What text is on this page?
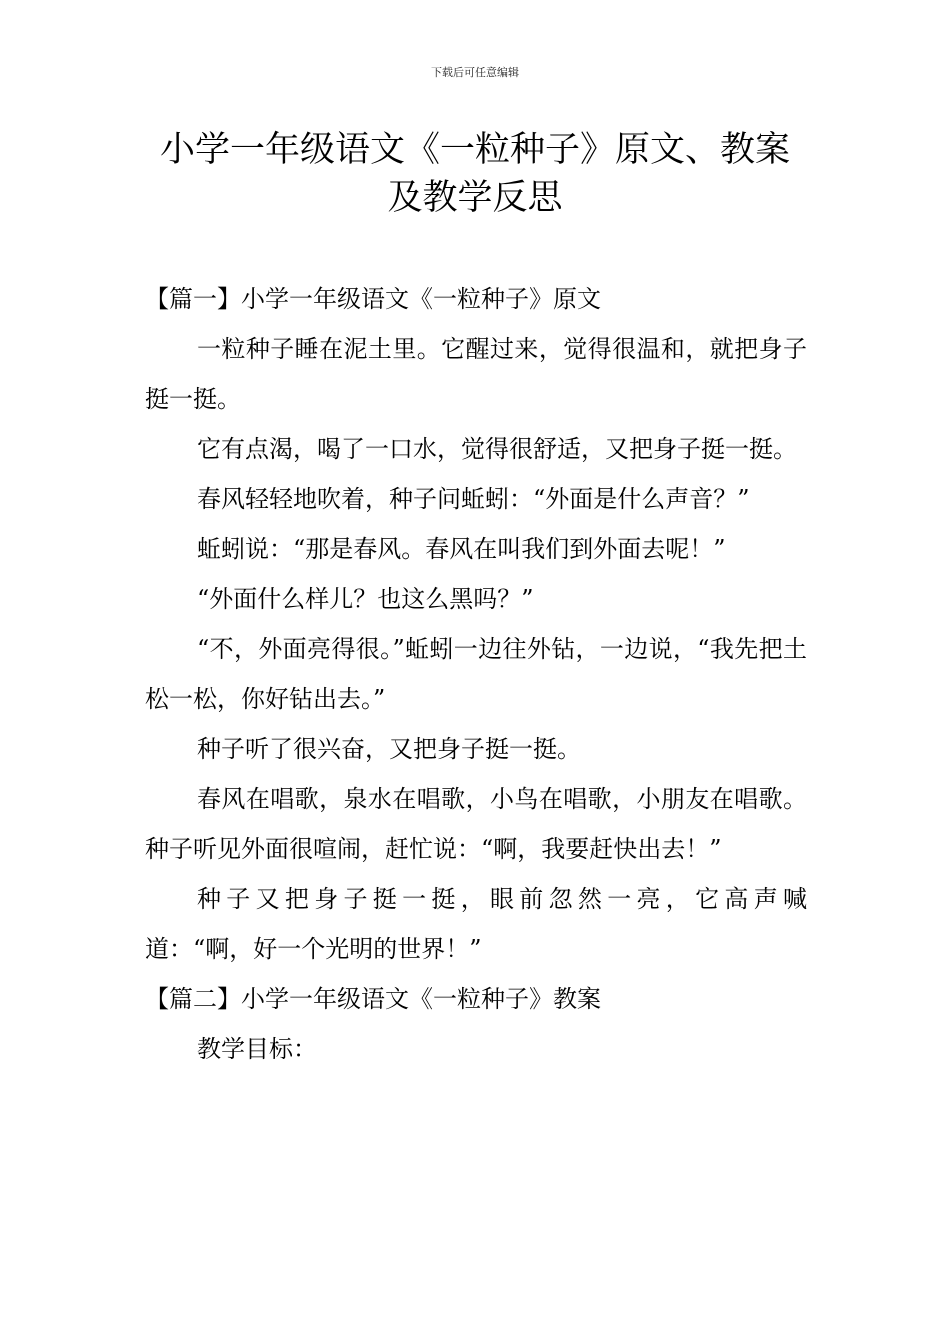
下载后可任意编辑
小学一年级语文《一粒种子》原文、教案
及教学反思

【篇一】小学一年级语文《一粒种子》原文

一粒种子睡在泥土里。它醒过来，觉得很温和，就把身子挺一挺。

它有点渴，喝了一口水，觉得很舒适，又把身子挺一挺。

春风轻轻地吹着，种子问蚯蚓：“外面是什么声音？”

蚯蚓说：“那是春风。春风在叫我们到外面去呢！”

“外面什么样儿？也这么黑吗？”

“不，外面亮得很。”蚯蚓一边往外钻，一边说，“我先把土松一松，你好钻出去。”

种子听了很兴奋，又把身子挺一挺。

春风在唱歌，泉水在唱歌，小鸟在唱歌，小朋友在唱歌。种子听见外面很喧闹，赶忙说：“啊，我要赶快出去！”

种子又把身子挺一挺，眼前忽然一亮，它高声喊道：“啊，好一个光明的世界！”

【篇二】小学一年级语文《一粒种子》教案

教学目标：
